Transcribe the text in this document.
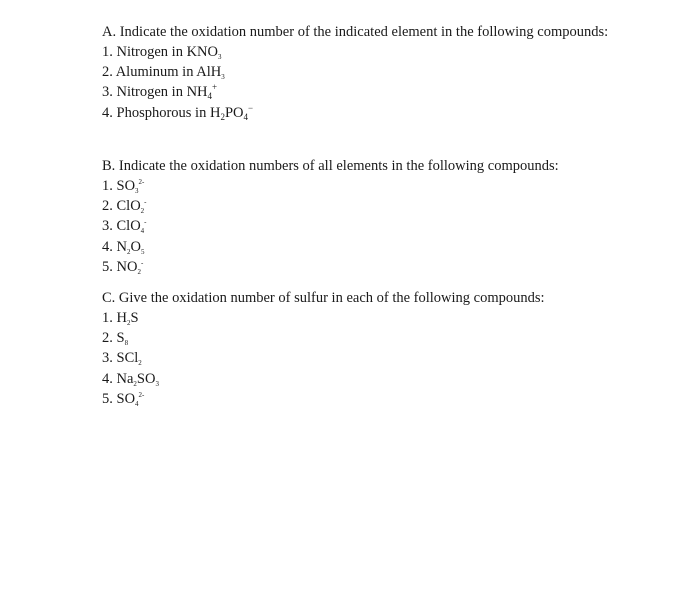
A. Indicate the oxidation number of the indicated element in the following compounds:

1. Nitrogen in $KNO_3$
2. Aluminum in AlH$_3$
3. Nitrogen in $NH_4^+$
4. Phosphorous in $H_2PO_4^-$

B. Indicate the oxidation numbers of all elements in the following compounds:

1. $SO_3^{2-}$
2. ClO$_2$-
3. ClO$_4$-
4. $N_2O_5$
5. $NO_2^-$

C. Give the oxidation number of sulfur in each of the following compounds:

1. $H_2S$
2. $S_8$
3. SCl$_2$
4. $Na_2SO_3$
5. $SO_4^{2-}$
